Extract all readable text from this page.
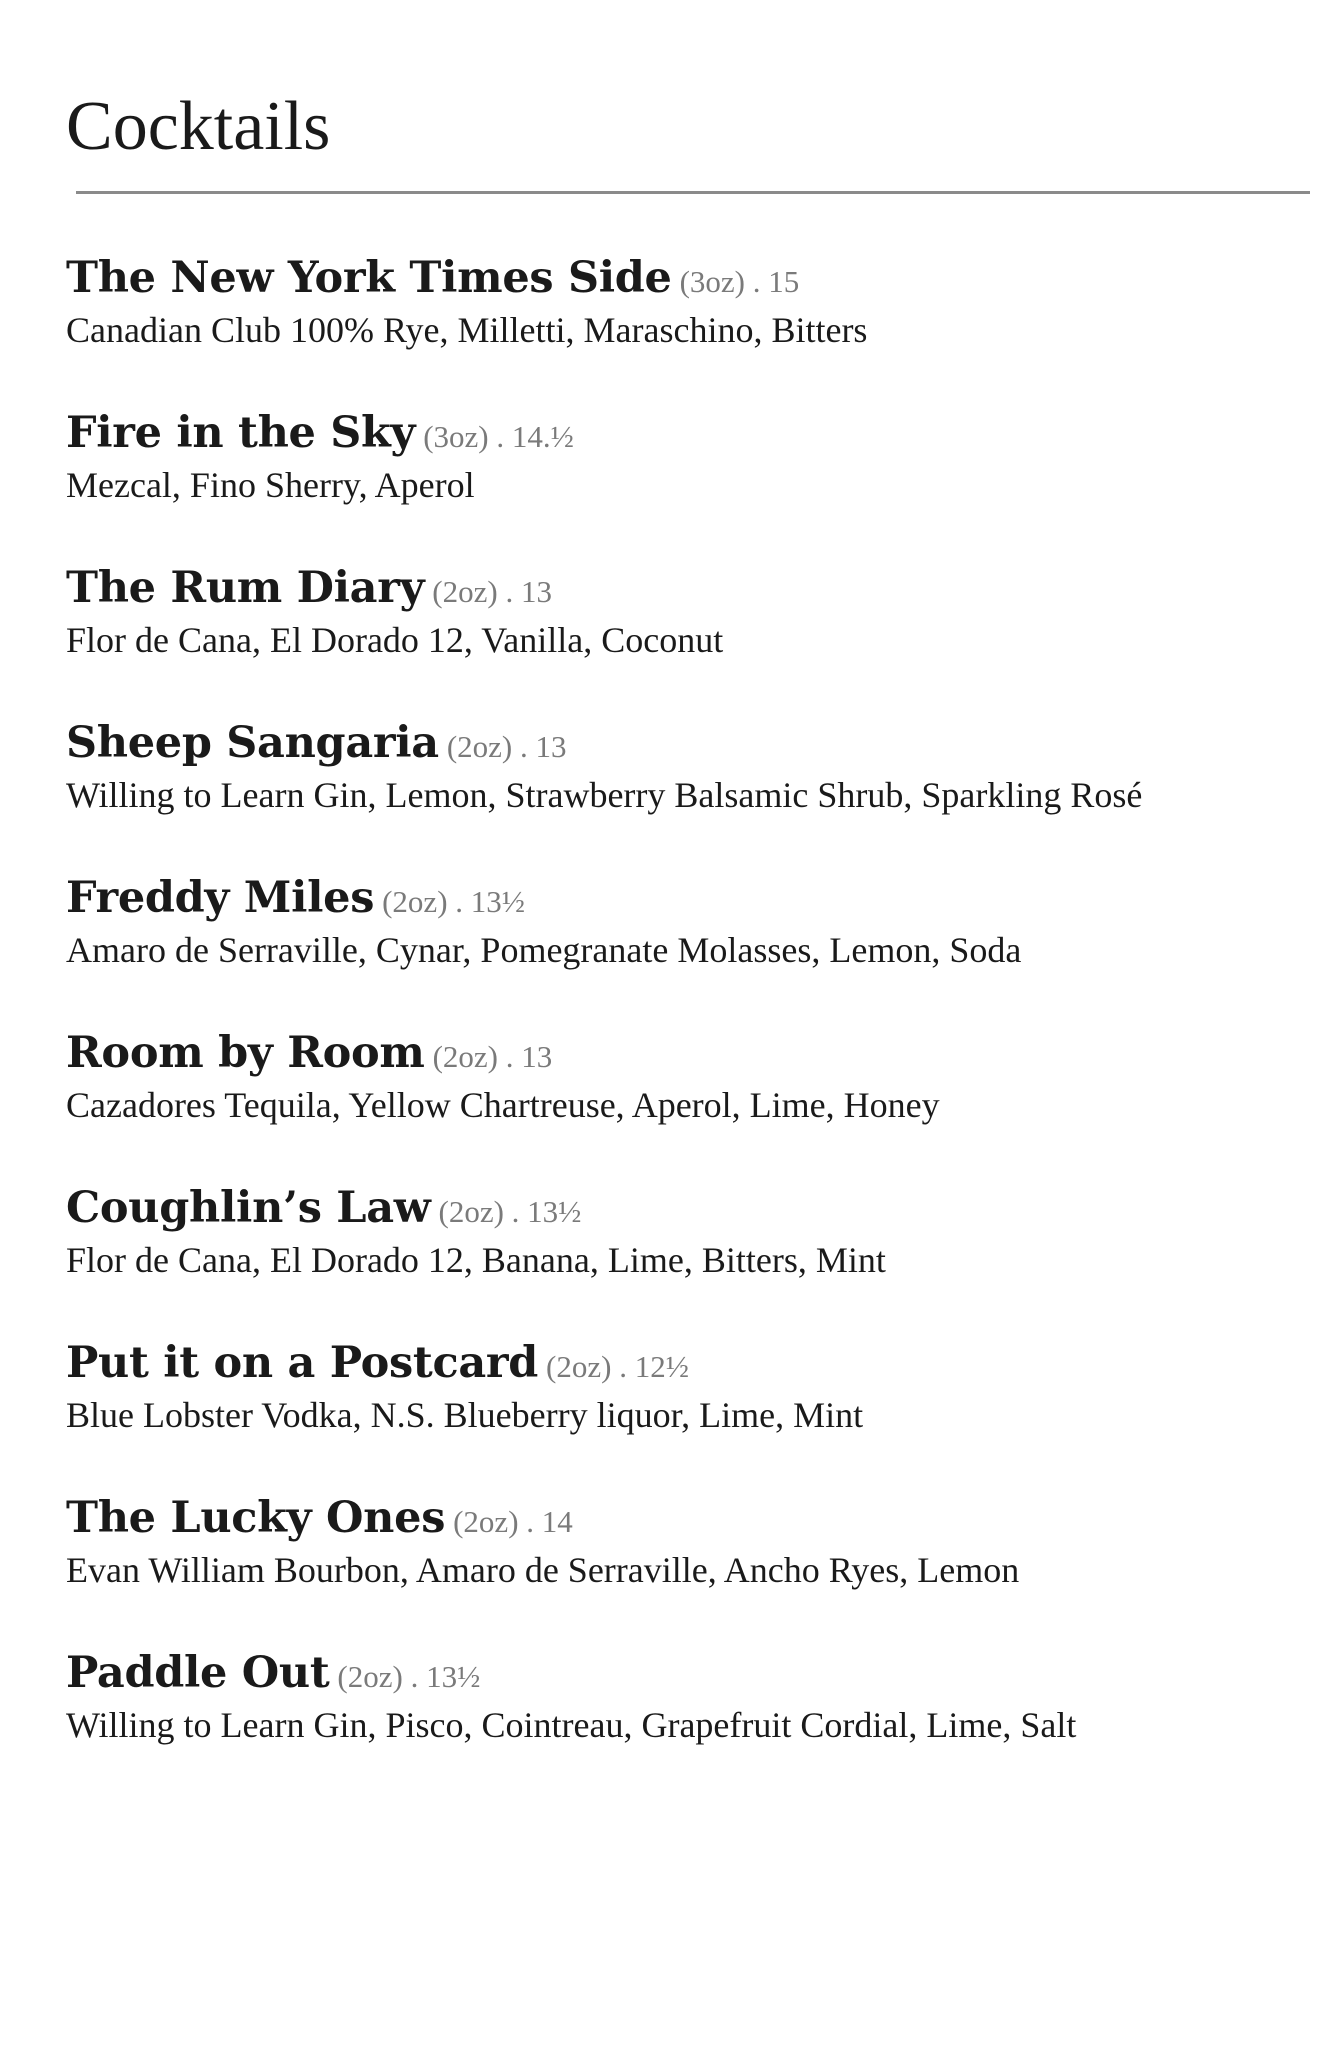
Cocktails
The New York Times Side (3oz) . 15
Canadian Club 100% Rye, Milletti, Maraschino, Bitters
Fire in the Sky (3oz) . 14.½
Mezcal, Fino Sherry, Aperol
The Rum Diary (2oz) . 13
Flor de Cana, El Dorado 12, Vanilla, Coconut
Sheep Sangaria (2oz) . 13
Willing to Learn Gin, Lemon, Strawberry Balsamic Shrub, Sparkling Rosé
Freddy Miles (2oz) . 13½
Amaro de Serraville, Cynar, Pomegranate Molasses, Lemon, Soda
Room by Room (2oz) . 13
Cazadores Tequila, Yellow Chartreuse, Aperol, Lime, Honey
Coughlin’s Law (2oz) . 13½
Flor de Cana, El Dorado 12, Banana, Lime, Bitters, Mint
Put it on a Postcard (2oz) . 12½
Blue Lobster Vodka, N.S. Blueberry liquor, Lime, Mint
The Lucky Ones (2oz) . 14
Evan William Bourbon, Amaro de Serraville, Ancho Ryes, Lemon
Paddle Out (2oz) . 13½
Willing to Learn Gin, Pisco, Cointreau, Grapefruit Cordial, Lime, Salt
